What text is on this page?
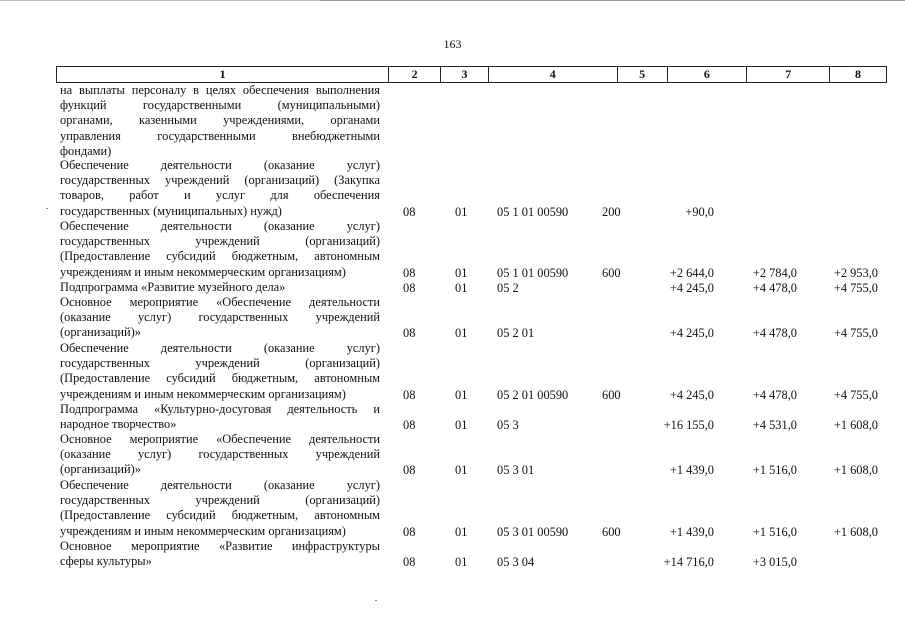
163
1	2	3	4	5	6	7	8
на выплаты персоналу в целях обеспечения выполнения
функций государственными (муниципальными)
органами, казенными учреждениями, органами
управления государственными внебюджетными
фондами)
Обеспечение деятельности (оказание услуг)
государственных учреждений (организаций) (Закупка
товаров, работ и услуг для обеспечения
государственных (муниципальных) нужд)	08	01 05 1 01 00590	200	+90,0
Обеспечение деятельности (оказание услуг)
государственных учреждений (организаций)
(Предоставление субсидий бюджетным, автономным
учреждениям и иным некоммерческим организациям)	08	01 05 1 01 00590	600	+2 644,0	+2 784,0	+2 953,0
Подпрограмма «Развитие музейного дела»	08	01 05 2	+4 245,0	+4 478,0	+4 755,0
Основное мероприятие «Обеспечение деятельности
(оказание услуг) государственных учреждений
(организаций)»	08	01 05 2 01	+4 245,0	+4 478,0	+4 755,0
Обеспечение деятельности (оказание услуг)
государственных учреждений (организаций)
(Предоставление субсидий бюджетным, автономным
учреждениям и иным некоммерческим организациям)	08	01 05 2 01 00590	600	+4 245,0	+4 478,0	+4 755,0
Подпрограмма «Культурно-досуговая деятельность и
народное творчество»	08	01 05 3	+16 155,0	+4 531,0	+1 608,0
Основное мероприятие «Обеспечение деятельности
(оказание услуг) государственных учреждений
(организаций)»	08	01 05 3 01	+1 439,0	+1 516,0	+1 608,0
Обеспечение деятельности (оказание услуг)
государственных учреждений (организаций)
(Предоставление субсидий бюджетным, автономным
учреждениям и иным некоммерческим организациям)	08	01 05 3 01 00590	600	+1 439,0	+1 516,0	+1 608,0
Основное мероприятие «Развитие инфраструктуры
сферы культуры»	08	01 05 3 04	+14 716,0	+3 015,0
